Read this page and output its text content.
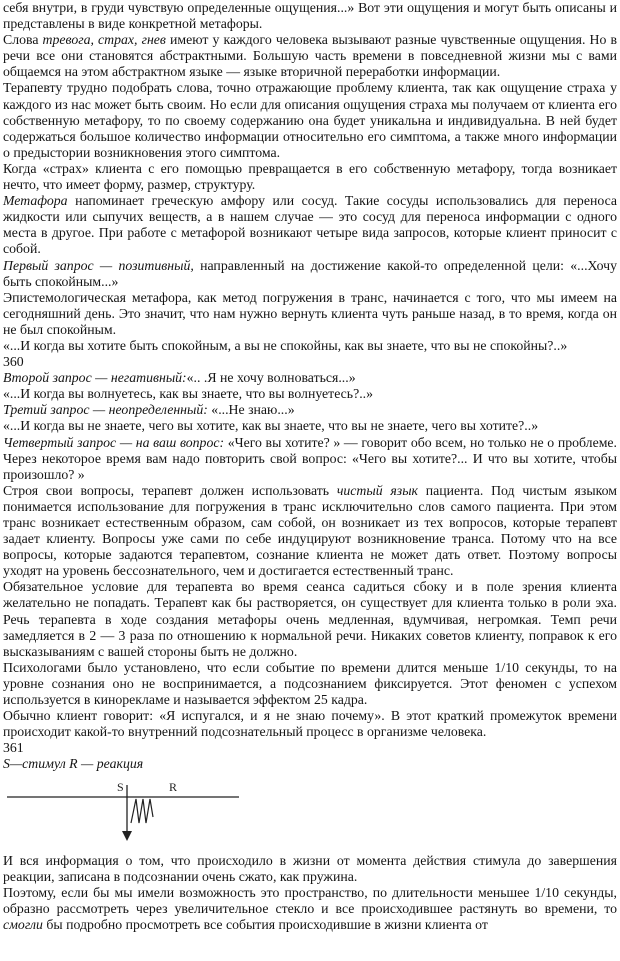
себя внутри, в груди чувствую определенные ощущения...» Вот эти ощущения и могут быть описаны и представлены в виде конкретной метафоры.

Слова тревога, страх, гнев имеют у каждого человека вызывают разные чувственные ощущения. Но в речи все они становятся абстрактными. Большую часть времени в повседневной жизни мы с вами общаемся на этом абстрактном языке — языке вторичной переработки информации.

Терапевту трудно подобрать слова, точно отражающие проблему клиента, так как ощущение страха у каждого из нас может быть своим. Но если для описания ощущения страха мы получаем от клиента его собственную метафору, то по своему содержанию она будет уникальна и индивидуальна. В ней будет содержаться большое количество информации относительно его симптома, а также много информации о предыстории возникновения этого симптома.

Когда «страх» клиента с его помощью превращается в его собственную метафору, тогда возникает нечто, что имеет форму, размер, структуру.

Метафора напоминает греческую амфору или сосуд. Такие сосуды использовались для переноса жидкости или сыпучих веществ, а в нашем случае — это сосуд для переноса информации с одного места в другое. При работе с метафорой возникают четыре вида запросов, которые клиент приносит с собой.

Первый запрос — позитивный, направленный на достижение какой-то определенной цели: «...Хочу быть спокойным...»

Эпистемологическая метафора, как метод погружения в транс, начинается с того, что мы имеем на сегодняшний день. Это значит, что нам нужно вернуть клиента чуть раньше назад, в то время, когда он не был спокойным.

«...И когда вы хотите быть спокойным, а вы не спокойны, как вы знаете, что вы не спокойны?..»

360

Второй запрос — негативный:«.. .Я не хочу волноваться...»

«...И когда вы волнуетесь, как вы знаете, что вы волнуетесь?..»

Третий запрос — неопределенный: «...Не знаю...»

«...И когда вы не знаете, чего вы хотите, как вы знаете, что вы не знаете, чего вы хотите?..»

Четвертый запрос — на ваш вопрос: «Чего вы хотите? » — говорит обо всем, но только не о проблеме. Через некоторое время вам надо повторить свой вопрос: «Чего вы хотите?... И что вы хотите, чтобы произошло? »

Строя свои вопросы, терапевт должен использовать чистый язык пациента. Под чистым языком понимается использование для погружения в транс исключительно слов самого пациента. При этом транс возникает естественным образом, сам собой, он возникает из тех вопросов, которые терапевт задает клиенту. Вопросы уже сами по себе индуцируют возникновение транса. Потому что на все вопросы, которые задаются терапевтом, сознание клиента не может дать ответ. Поэтому вопросы уходят на уровень бессознательного, чем и достигается естественный транс.

Обязательное условие для терапевта во время сеанса садиться сбоку и в поле зрения клиента желательно не попадать. Терапевт как бы растворяется, он существует для клиента только в роли эха. Речь терапевта в ходе создания метафоры очень медленная, вдумчивая, негромкая. Темп речи замедляется в 2 — 3 раза по отношению к нормальной речи. Никаких советов клиенту, поправок к его высказываниям с вашей стороны быть не должно.

Психологами было установлено, что если событие по времени длится меньше 1/10 секунды, то на уровне сознания оно не воспринимается, а подсознанием фиксируется. Этот феномен с успехом используется в кинорекламе и называется эффектом 25 кадра.

Обычно клиент говорит: «Я испугался, и я не знаю почему». В этот краткий промежуток времени происходит какой-то внутренний подсознательный процесс в организме человека.

361

S—стимул R — реакция

S	R

И вся информация о том, что происходило в жизни от момента действия стимула до завершения реакции, записана в подсознании очень сжато, как пружина.

Поэтому, если бы мы имели возможность это пространство, по длительности меньшее 1/10 секунды, образно рассмотреть через увеличительное стекло и все происходившее растянуть во времени, то смогли бы подробно просмотреть все события происходившие в жизни клиента от
